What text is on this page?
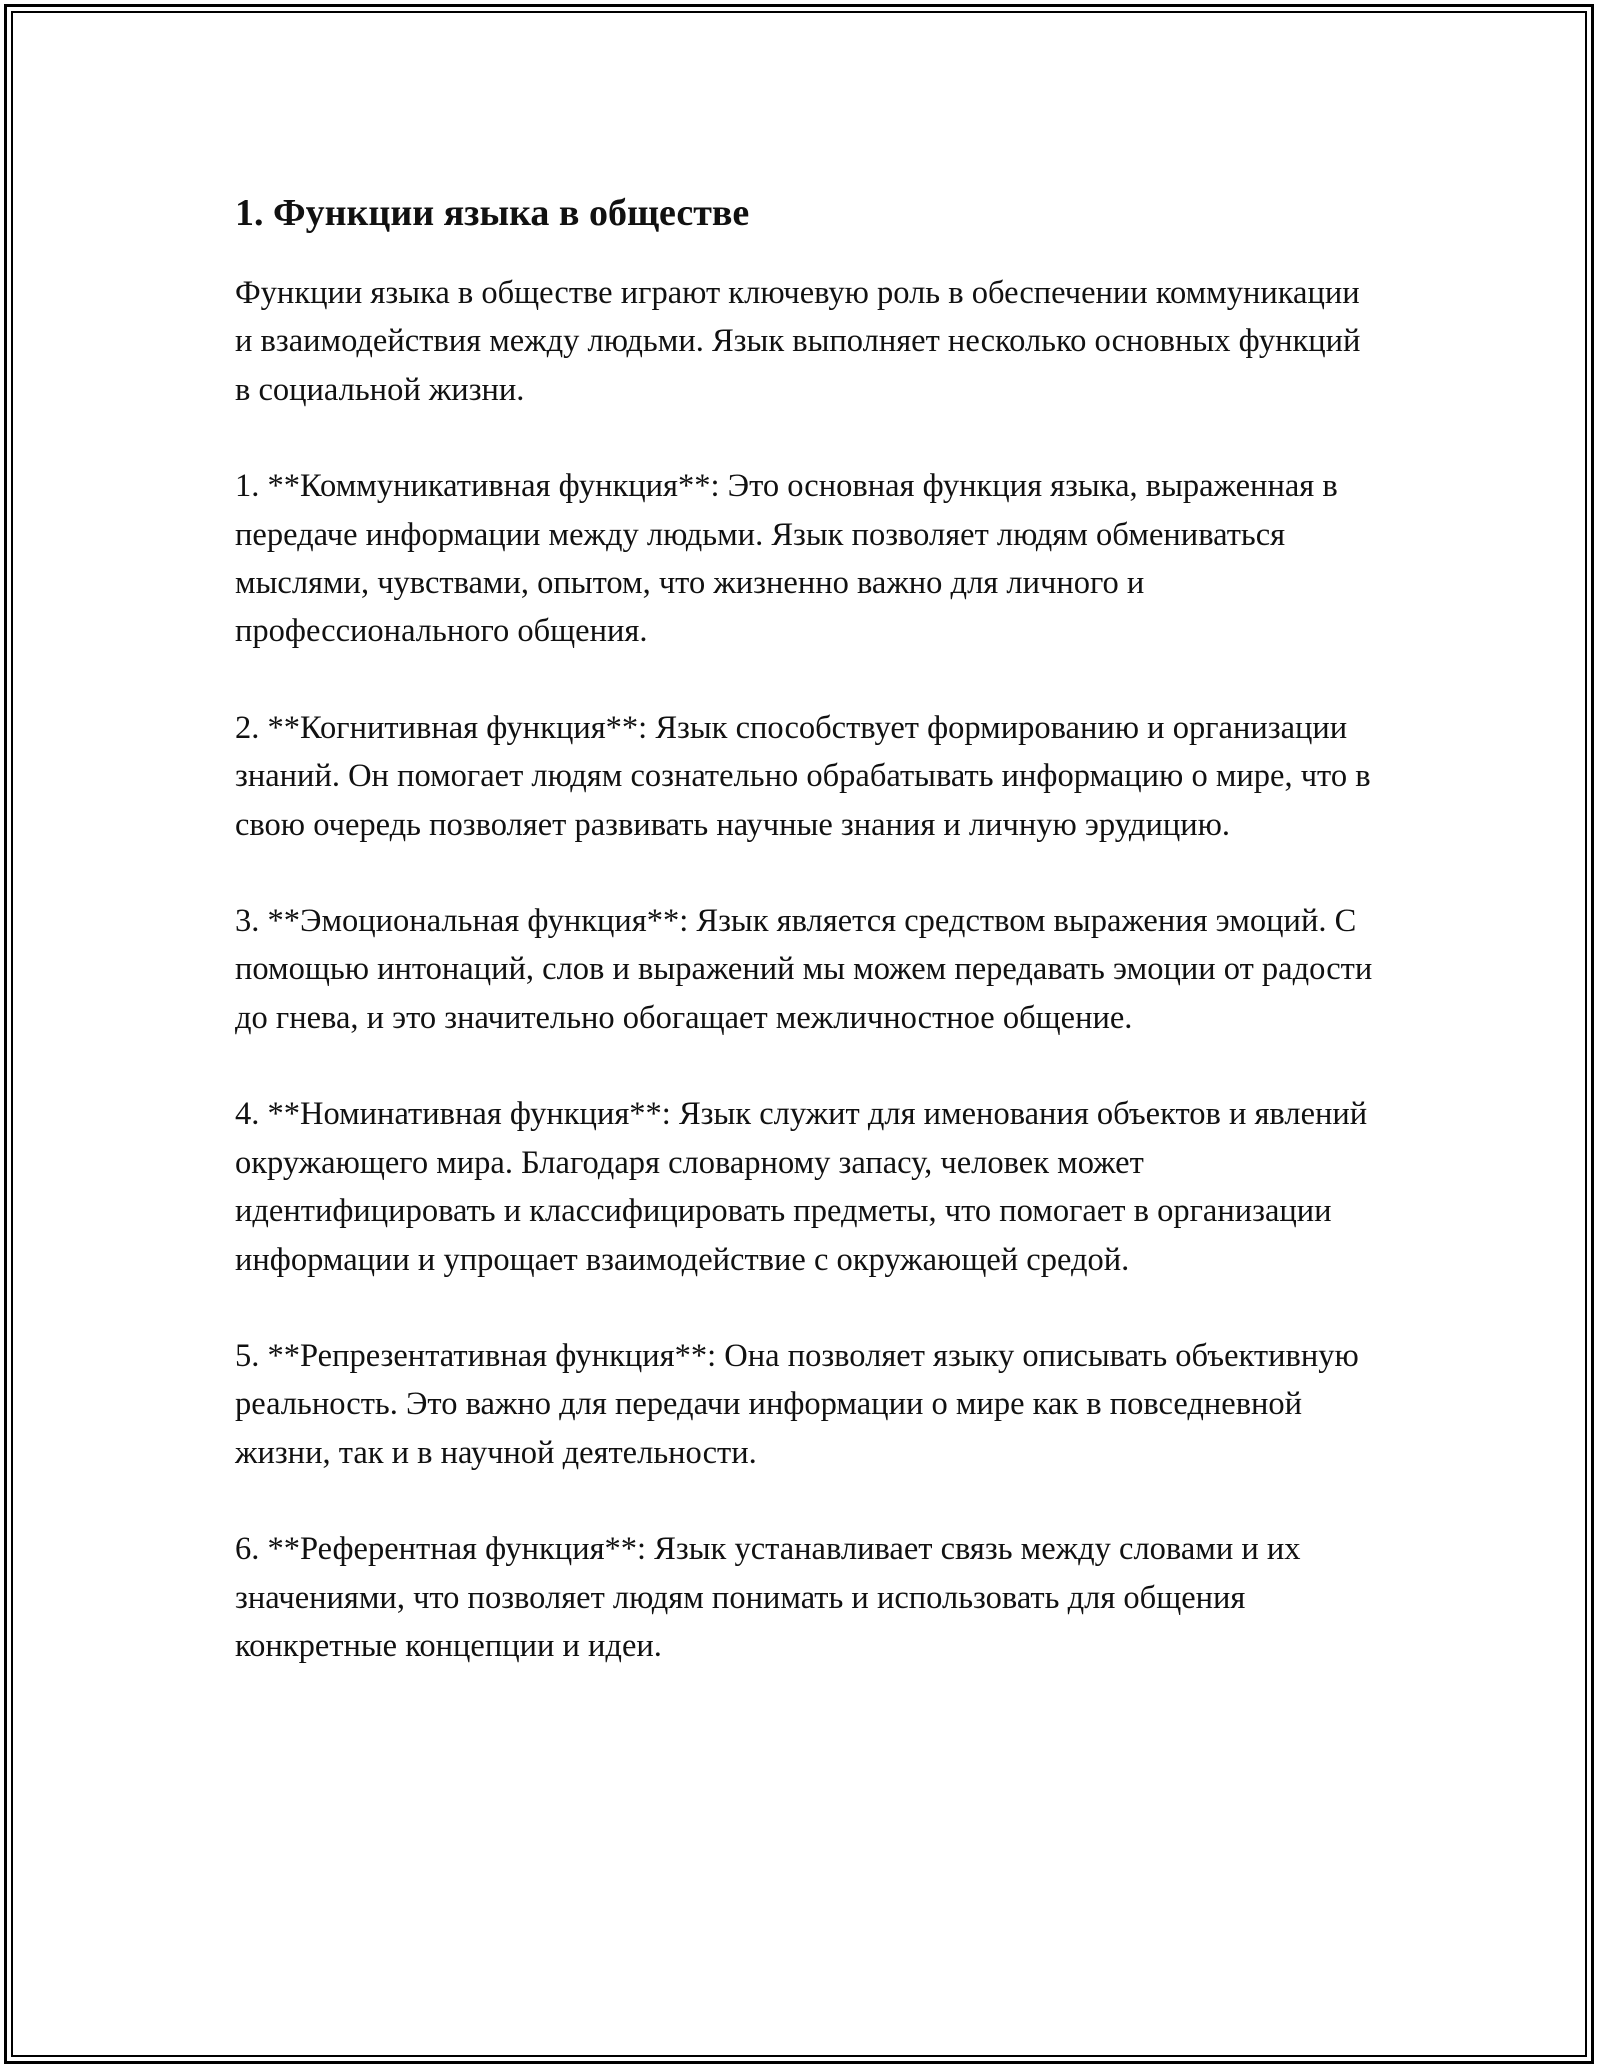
1. Функции языка в обществе

Функции языка в обществе играют ключевую роль в обеспечении коммуникации и взаимодействия между людьми. Язык выполняет несколько основных функций в социальной жизни.

1. **Коммуникативная функция**: Это основная функция языка, выраженная в передаче информации между людьми. Язык позволяет людям обмениваться мыслями, чувствами, опытом, что жизненно важно для личного и профессионального общения.

2. **Когнитивная функция**: Язык способствует формированию и организации знаний. Он помогает людям сознательно обрабатывать информацию о мире, что в свою очередь позволяет развивать научные знания и личную эрудицию.

3. **Эмоциональная функция**: Язык является средством выражения эмоций. С помощью интонаций, слов и выражений мы можем передавать эмоции от радости до гнева, и это значительно обогащает межличностное общение.

4. **Номинативная функция**: Язык служит для именования объектов и явлений окружающего мира. Благодаря словарному запасу, человек может идентифицировать и классифицировать предметы, что помогает в организации информации и упрощает взаимодействие с окружающей средой.

5. **Репрезентативная функция**: Она позволяет языку описывать объективную реальность. Это важно для передачи информации о мире как в повседневной жизни, так и в научной деятельности.

6. **Референтная функция**: Язык устанавливает связь между словами и их значениями, что позволяет людям понимать и использовать для общения конкретные концепции и идеи.
